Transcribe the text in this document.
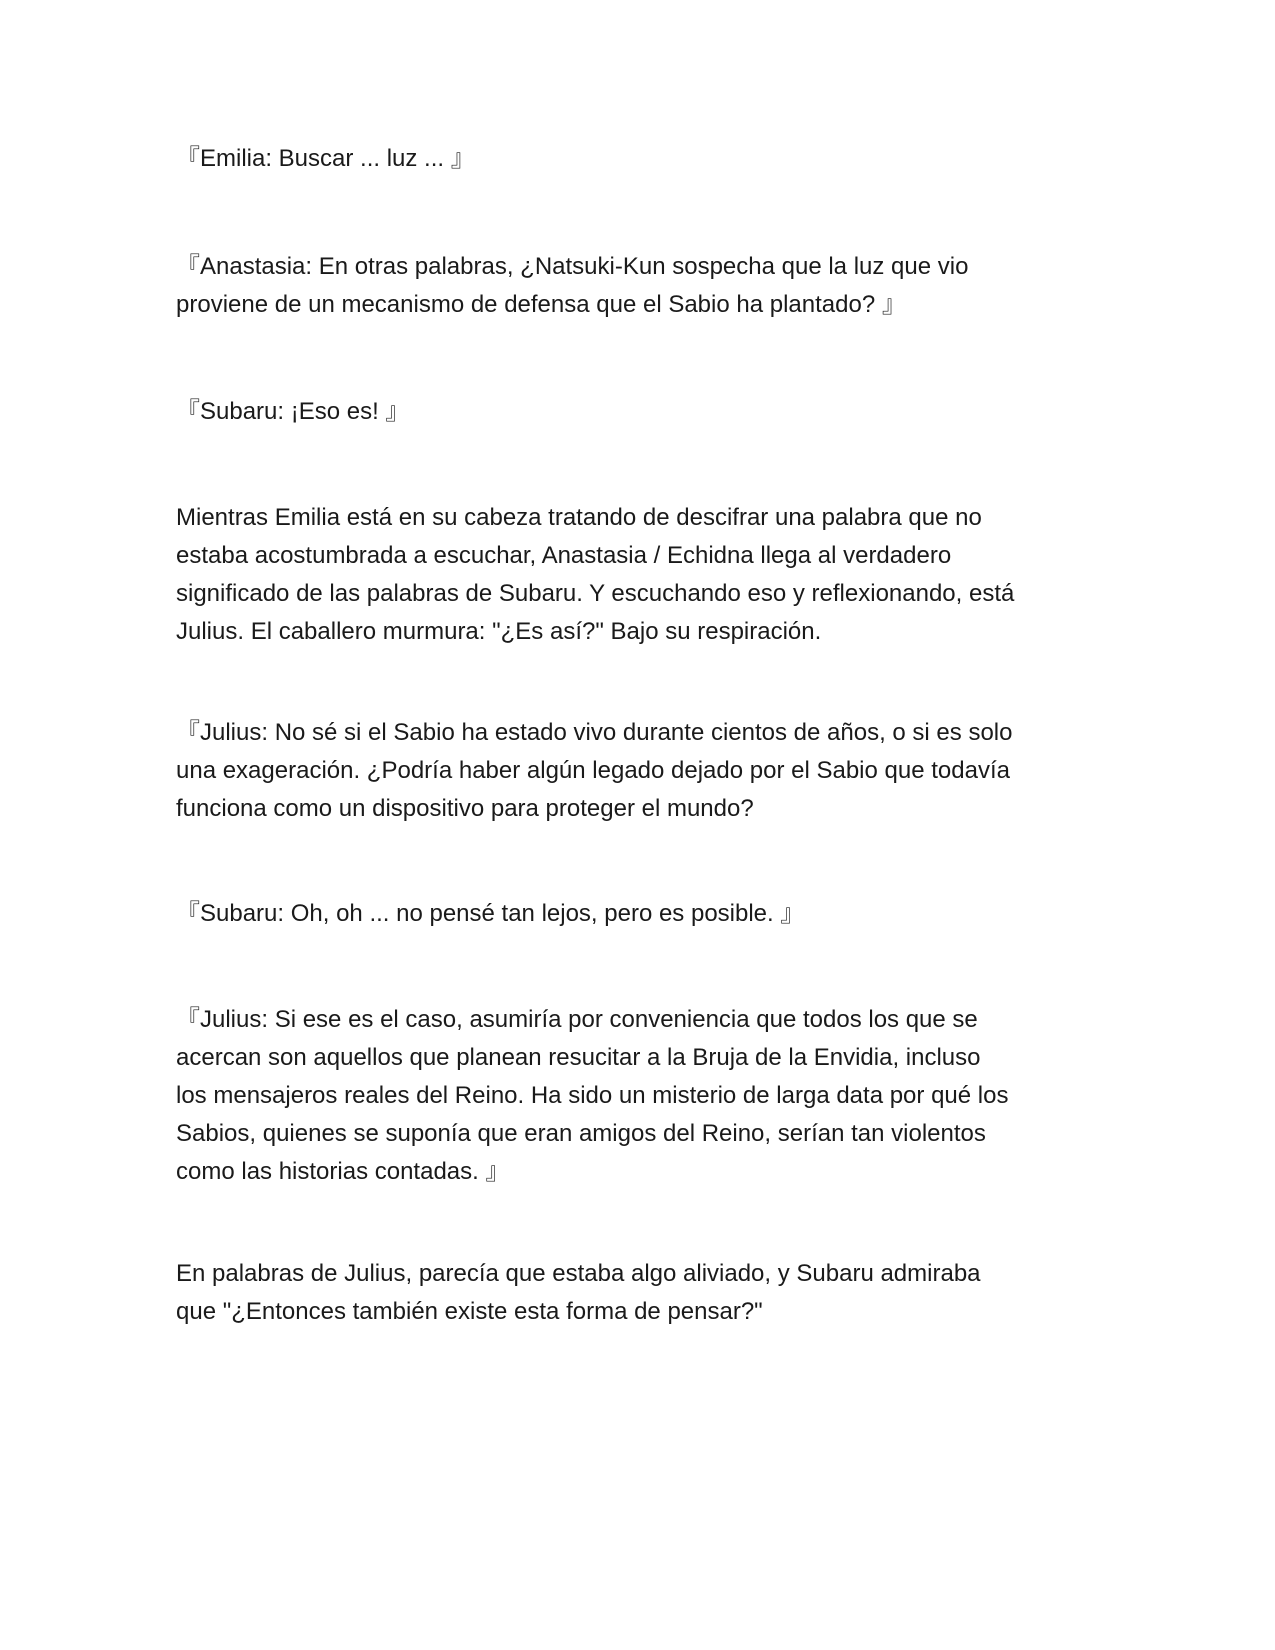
『Emilia: Buscar ... luz ... 』

『Anastasia: En otras palabras, ¿Natsuki-Kun sospecha que la luz que vio
proviene de un mecanismo de defensa que el Sabio ha plantado? 』

『Subaru: ¡Eso es! 』

Mientras Emilia está en su cabeza tratando de descifrar una palabra que no
estaba acostumbrada a escuchar, Anastasia / Echidna llega al verdadero
significado de las palabras de Subaru. Y escuchando eso y reflexionando, está
Julius. El caballero murmura: "¿Es así?" Bajo su respiración.

『Julius: No sé si el Sabio ha estado vivo durante cientos de años, o si es solo
una exageración. ¿Podría haber algún legado dejado por el Sabio que todavía
funciona como un dispositivo para proteger el mundo?

『Subaru: Oh, oh ... no pensé tan lejos, pero es posible. 』

『Julius: Si ese es el caso, asumiría por conveniencia que todos los que se
acercan son aquellos que planean resucitar a la Bruja de la Envidia, incluso
los mensajeros reales del Reino. Ha sido un misterio de larga data por qué los
Sabios, quienes se suponía que eran amigos del Reino, serían tan violentos
como las historias contadas. 』

En palabras de Julius, parecía que estaba algo aliviado, y Subaru admiraba
que "¿Entonces también existe esta forma de pensar?"
